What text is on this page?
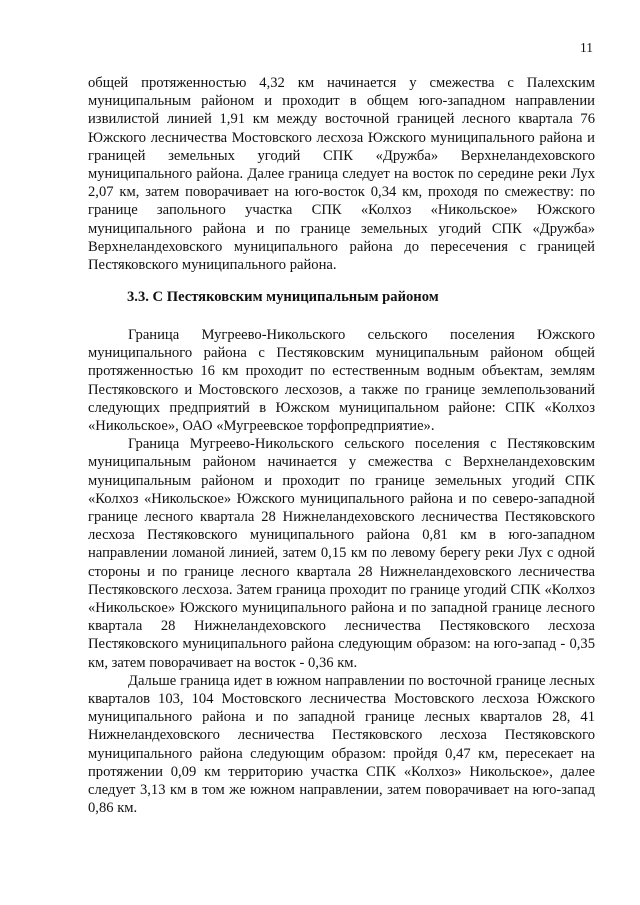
11

общей протяженностью 4,32 км начинается у смежества с Палехским муниципальным районом и проходит в общем юго-западном направлении извилистой линией 1,91 км между восточной границей лесного квартала 76 Южского лесничества Мостовского лесхоза Южского муниципального района и границей земельных угодий СПК «Дружба» Верхнеландеховского муниципального района. Далее граница следует на восток по середине реки Лух 2,07 км, затем поворачивает на юго-восток 0,34 км, проходя по смежеству: по границе запольного участка СПК «Колхоз «Никольское» Южского муниципального района и по границе земельных угодий СПК «Дружба» Верхнеландеховского муниципального района до пересечения с границей Пестяковского муниципального района.

3.3. С Пестяковским муниципальным районом

Граница Мугреево-Никольского сельского поселения Южского муниципального района с Пестяковским муниципальным районом общей протяженностью 16 км проходит по естественным водным объектам, землям Пестяковского и Мостовского лесхозов, а также по границе землепользований следующих предприятий в Южском муниципальном районе: СПК «Колхоз «Никольское», ОАО «Мугреевское торфопредприятие».

Граница Мугреево-Никольского сельского поселения с Пестяковским муниципальным районом начинается у смежества с Верхнеландеховским муниципальным районом и проходит по границе земельных угодий СПК «Колхоз «Никольское» Южского муниципального района и по северо-западной границе лесного квартала 28 Нижнеландеховского лесничества Пестяковского лесхоза Пестяковского муниципального района 0,81 км в юго-западном направлении ломаной линией, затем 0,15 км по левому берегу реки Лух с одной стороны и по границе лесного квартала 28 Нижнеландеховского лесничества Пестяковского лесхоза. Затем граница проходит по границе угодий СПК «Колхоз «Никольское» Южского муниципального района и по западной границе лесного квартала 28 Нижнеландеховского лесничества Пестяковского лесхоза Пестяковского муниципального района следующим образом: на юго-запад - 0,35 км, затем поворачивает на восток - 0,36 км.

Дальше граница идет в южном направлении по восточной границе лесных кварталов 103, 104 Мостовского лесничества Мостовского лесхоза Южского муниципального района и по западной границе лесных кварталов 28, 41 Нижнеландеховского лесничества Пестяковского лесхоза Пестяковского муниципального района следующим образом: пройдя 0,47 км, пересекает на протяжении 0,09 км территорию участка СПК «Колхоз» Никольское», далее следует 3,13 км в том же южном направлении, затем поворачивает на юго-запад 0,86 км.
